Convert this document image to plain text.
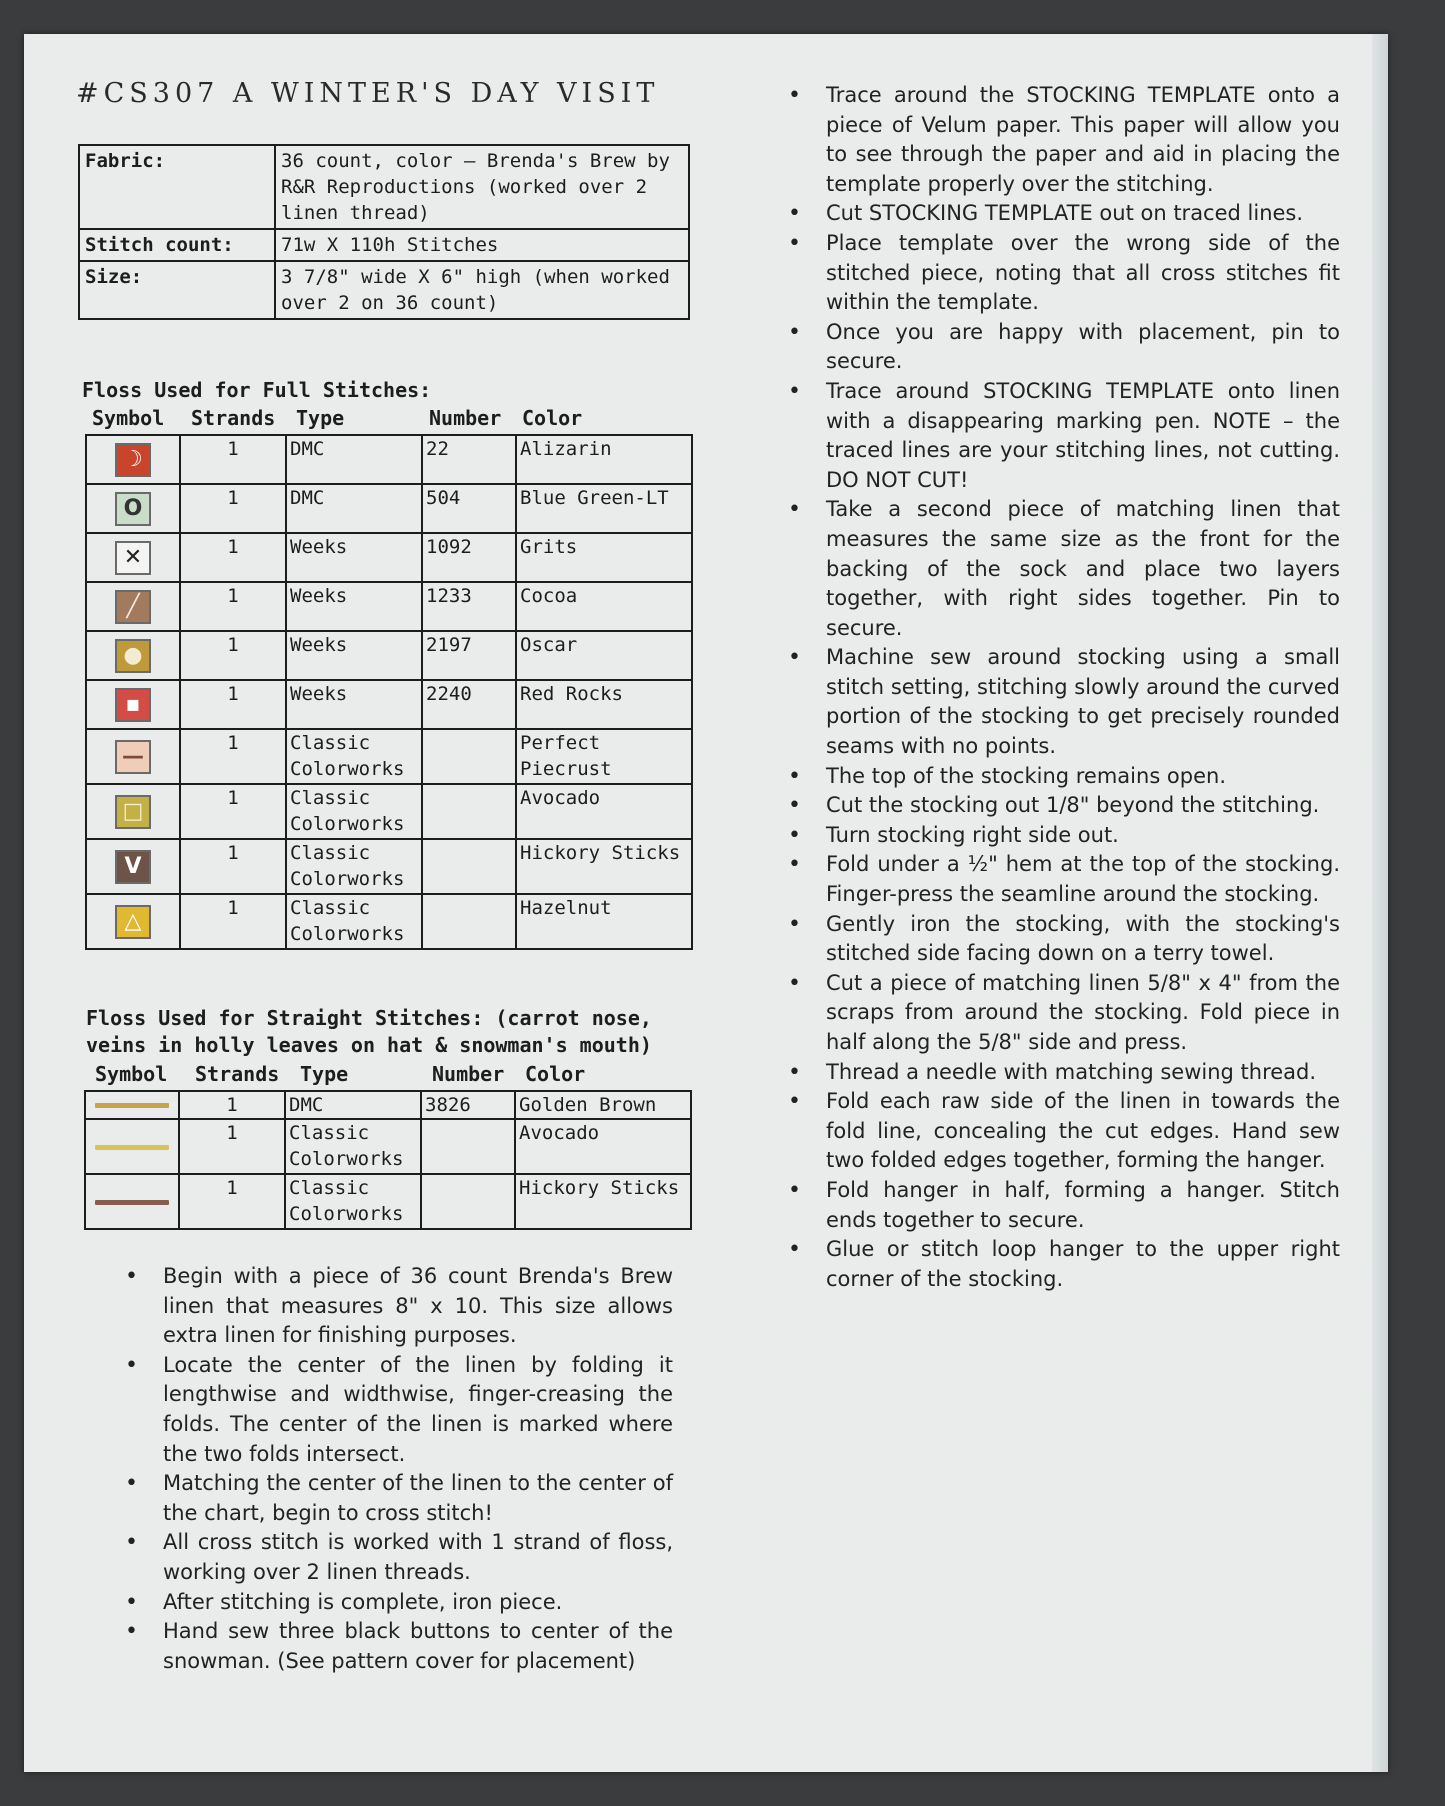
#CS307 A WINTER'S DAY VISIT
Fabric:	36 count, color – Brenda's Brew by R&R Reproductions (worked over 2 linen thread)
Stitch count:	71w X 110h Stitches
Size:	3 7/8" wide X 6" high (when worked over 2 on 36 count)
Floss Used for Full Stitches:
Symbol Strands Type	Number Color
☽	1	DMC	22	Alizarin
O	1	DMC	504	Blue Green-LT
✕	1	Weeks	1092	Grits
╱	1	Weeks	1233	Cocoa
●	1	Weeks	2197	Oscar
▪	1	Weeks	2240	Red Rocks
—	1	Classic Colorworks		Perfect Piecrust
□	1	Classic Colorworks		Avocado
V	1	Classic Colorworks		Hickory Sticks
△	1	Classic Colorworks		Hazelnut
Floss Used for Straight Stitches: (carrot nose,
veins in holly leaves on hat & snowman's mouth)
Symbol Strands Type	Number Color
	1	DMC	3826	Golden Brown
	1	Classic Colorworks		Avocado
	1	Classic Colorworks		Hickory Sticks
• Begin with a piece of 36 count Brenda's Brew linen that measures 8" x 10. This size allows extra linen for finishing purposes.
• Locate the center of the linen by folding it lengthwise and widthwise, finger-creasing the folds. The center of the linen is marked where the two folds intersect.
• Matching the center of the linen to the center of the chart, begin to cross stitch!
• All cross stitch is worked with 1 strand of floss, working over 2 linen threads.
• After stitching is complete, iron piece.
• Hand sew three black buttons to center of the snowman. (See pattern cover for placement)
• Trace around the STOCKING TEMPLATE onto a piece of Velum paper. This paper will allow you to see through the paper and aid in placing the template properly over the stitching.
• Cut STOCKING TEMPLATE out on traced lines.
• Place template over the wrong side of the stitched piece, noting that all cross stitches fit within the template.
• Once you are happy with placement, pin to secure.
• Trace around STOCKING TEMPLATE onto linen with a disappearing marking pen. NOTE – the traced lines are your stitching lines, not cutting. DO NOT CUT!
• Take a second piece of matching linen that measures the same size as the front for the backing of the sock and place two layers together, with right sides together. Pin to secure.
• Machine sew around stocking using a small stitch setting, stitching slowly around the curved portion of the stocking to get precisely rounded seams with no points.
• The top of the stocking remains open.
• Cut the stocking out 1/8" beyond the stitching.
• Turn stocking right side out.
• Fold under a ½" hem at the top of the stocking. Finger-press the seamline around the stocking.
• Gently iron the stocking, with the stocking's stitched side facing down on a terry towel.
• Cut a piece of matching linen 5/8" x 4" from the scraps from around the stocking. Fold piece in half along the 5/8" side and press.
• Thread a needle with matching sewing thread.
• Fold each raw side of the linen in towards the fold line, concealing the cut edges. Hand sew two folded edges together, forming the hanger.
• Fold hanger in half, forming a hanger. Stitch ends together to secure.
• Glue or stitch loop hanger to the upper right corner of the stocking.
